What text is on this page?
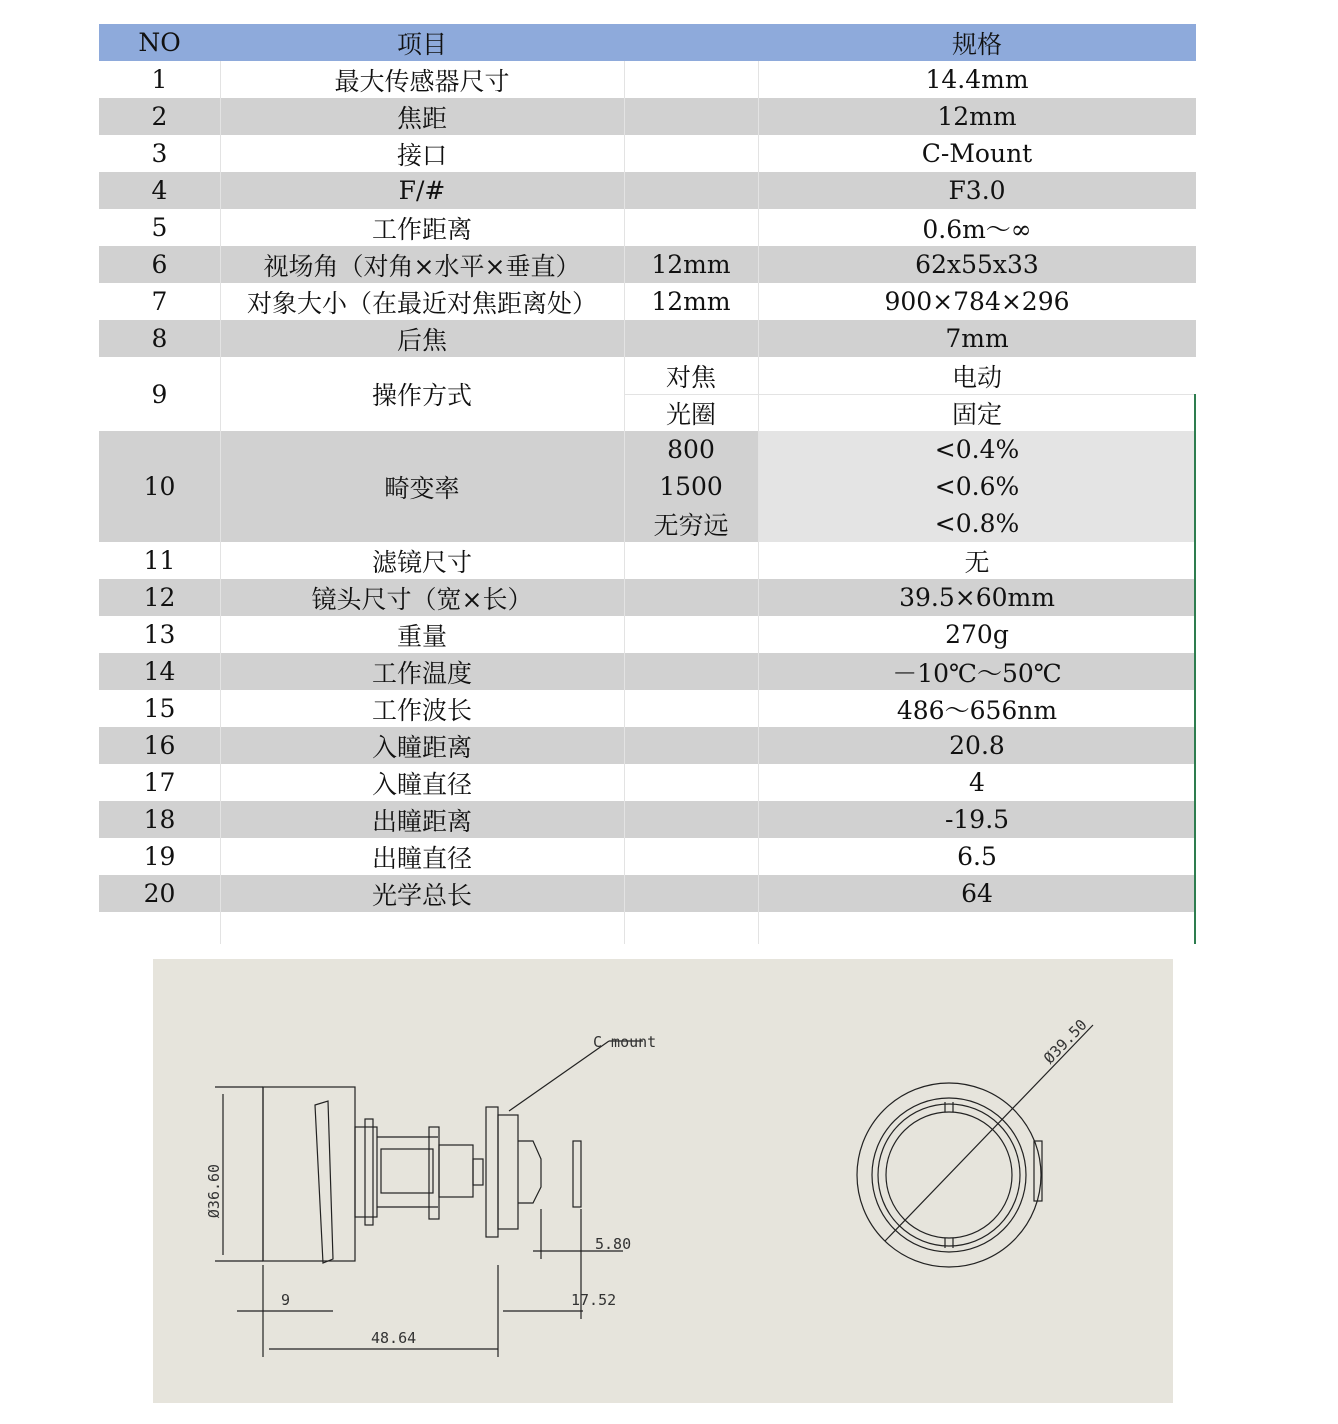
NO	项目	规格
1	最大传感器尺寸	14.4mm
2	焦距	12mm
3	接口	C-Mount
4	F/#	F3.0
5	工作距离	0.6m～∞
6	视场角（对角×水平×垂直）	12mm	62x55x33
7	对象大小（在最近对焦距离处）	12mm	900×784×296
8	后焦	7mm
9	操作方式
对焦	电动
光圈	固定
10	畸变率
800	<0.4%
1500	<0.6%
无穷远	<0.8%
11	滤镜尺寸	无
12	镜头尺寸（宽×长）	39.5×60mm
13	重量	270g
14	工作温度	－10℃～50℃
15	工作波长	486～656nm
16	入瞳距离	20.8
17	入瞳直径	4
18	出瞳距离	-19.5
19	出瞳直径	6.5
20	光学总长	64
C mount
Ø36.60
Ø39.50
9
5.80
17.52
48.64
